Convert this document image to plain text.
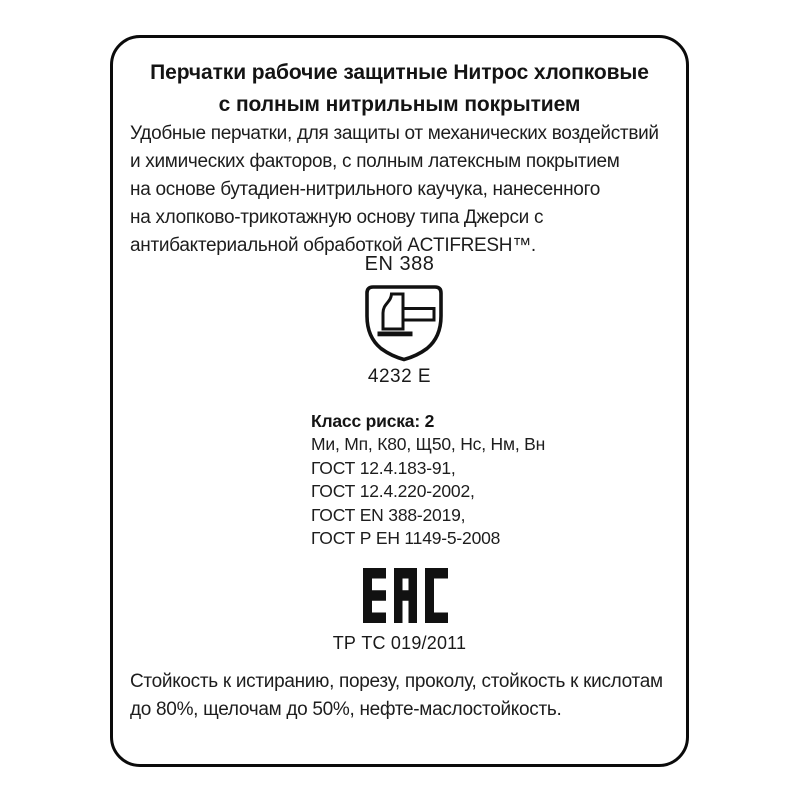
Перчатки рабочие защитные Нитрос хлопковые
с полным нитрильным покрытием
Удобные перчатки, для защиты от механических воздействий
и химических факторов, с полным латексным покрытием
на основе бутадиен-нитрильного каучука, нанесенного
на хлопково-трикотажную основу типа Джерси с
антибактериальной обработкой ACTIFRESH™.
EN 388
4232 E
Класс риска: 2
Ми, Мп, К80, Щ50, Нс, Нм, Вн
ГОСТ 12.4.183-91,
ГОСТ 12.4.220-2002,
ГОСТ EN 388-2019,
ГОСТ Р ЕН 1149-5-2008
ТР ТС 019/2011
Стойкость к истиранию, порезу, проколу, стойкость к кислотам
до 80%, щелочам до 50%, нефте-маслостойкость.
